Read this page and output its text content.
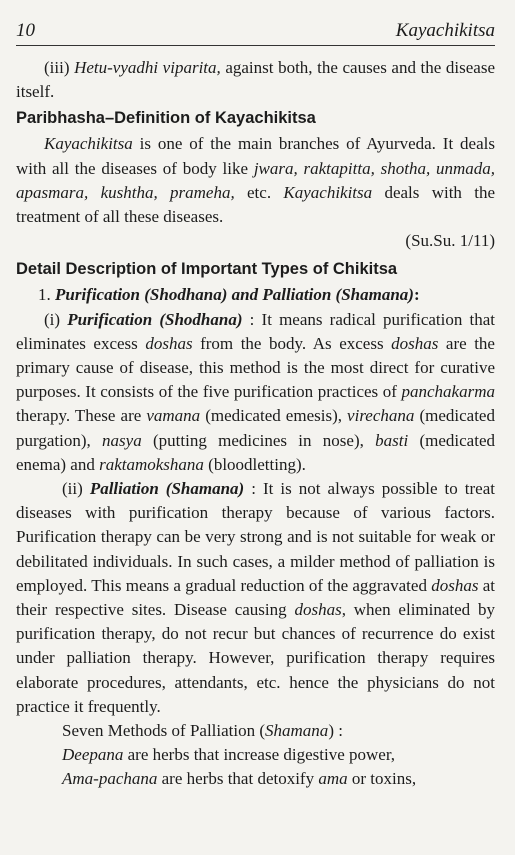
10	Kayachikitsa

(iii) Hetu-vyadhi viparita, against both, the causes and the disease itself.

Paribhasha–Definition of Kayachikitsa

Kayachikitsa is one of the main branches of Ayurveda. It deals with all the diseases of body like jwara, raktapitta, shotha, unmada, apasmara, kushtha, prameha, etc. Kayachikitsa deals with the treatment of all these diseases.

(Su.Su. 1/11)
Detail Description of Important Types of Chikitsa
1. Purification (Shodhana) and Palliation (Shamana):

(i) Purification (Shodhana) : It means radical purification that eliminates excess doshas from the body. As excess doshas are the primary cause of disease, this method is the most direct for curative purposes. It consists of the five purification practices of panchakarma therapy. These are vamana (medicated emesis), virechana (medicated purgation), nasya (putting medicines in nose), basti (medicated enema) and raktamokshana (bloodletting).

(ii) Palliation (Shamana) : It is not always possible to treat diseases with purification therapy because of various factors. Purification therapy can be very strong and is not suitable for weak or debilitated individuals. In such cases, a milder method of palliation is employed. This means a gradual reduction of the aggravated doshas at their respective sites. Disease causing doshas, when eliminated by purification therapy, do not recur but chances of recurrence do exist under palliation therapy. However, purification therapy requires elaborate procedures, attendants, etc. hence the physicians do not practice it frequently.

Seven Methods of Palliation (Shamana) :

Deepana are herbs that increase digestive power,

Ama-pachana are herbs that detoxify ama or toxins,
